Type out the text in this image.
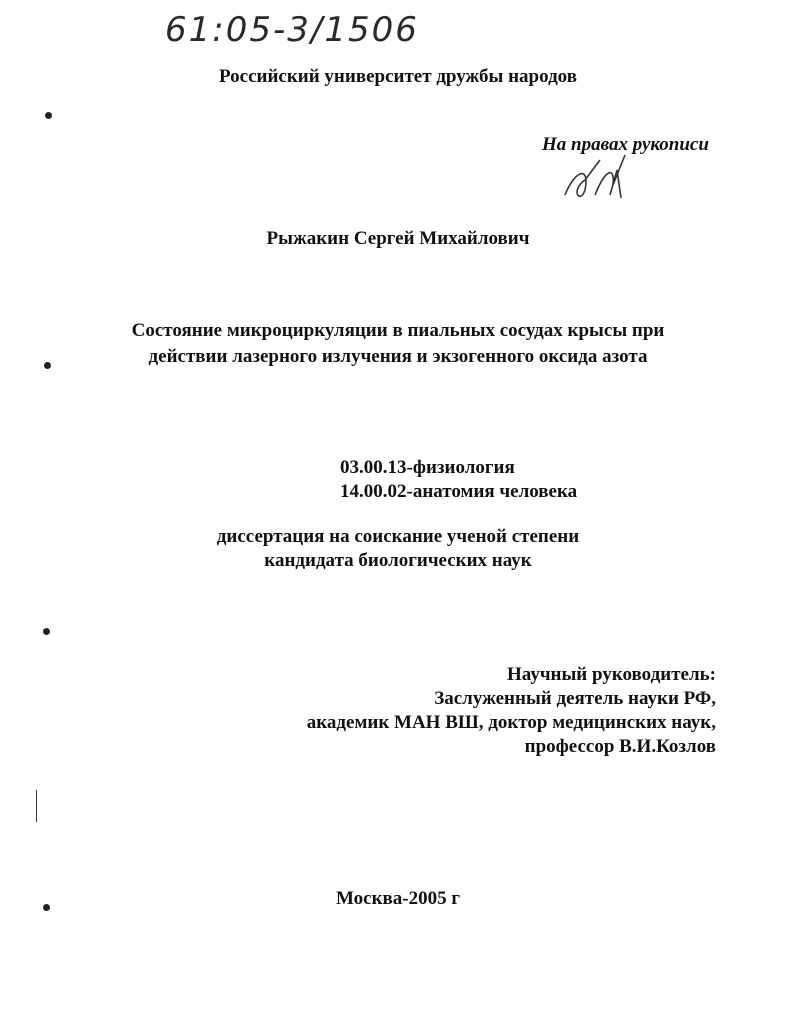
61:05-3/1506
Российский университет дружбы народов
На правах рукописи
Рыжакин Сергей Михайлович
Состояние микроциркуляции в пиальных сосудах крысы при
действии лазерного излучения и экзогенного оксида азота
03.00.13-физиология
14.00.02-анатомия человека
диссертация на соискание ученой степени
кандидата биологических наук
Научный руководитель:
Заслуженный деятель науки РФ,
академик МАН ВШ, доктор медицинских наук,
профессор В.И.Козлов
Москва-2005 г
